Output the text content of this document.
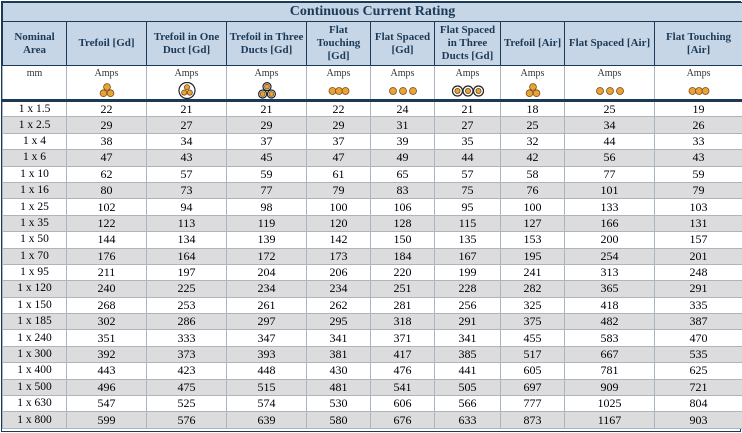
Continuous Current Rating									
Nominal Area	Trefoil [Gd]	Trefoil in One Duct [Gd]	Trefoil in Three Ducts [Gd]	Flat Touching [Gd]	Flat Spaced [Gd]	Flat Spaced in Three Ducts [Gd]	Trefoil [Air]	Flat Spaced [Air]	Flat Touching [Air]
mm	Amps	Amps	Amps	Amps	Amps	Amps	Amps	Amps	Amps

1 x 1.5	22	21	21	22	24	21	18	25	19
1 x 2.5	29	27	29	29	31	27	25	34	26
1 x 4	38	34	37	37	39	35	32	44	33
1 x 6	47	43	45	47	49	44	42	56	43
1 x 10	62	57	59	61	65	57	58	77	59
1 x 16	80	73	77	79	83	75	76	101	79
1 x 25	102	94	98	100	106	95	100	133	103
1 x 35	122	113	119	120	128	115	127	166	131
1 x 50	144	134	139	142	150	135	153	200	157
1 x 70	176	164	172	173	184	167	195	254	201
1 x 95	211	197	204	206	220	199	241	313	248
1 x 120	240	225	234	234	251	228	282	365	291
1 x 150	268	253	261	262	281	256	325	418	335
1 x 185	302	286	297	295	318	291	375	482	387
1 x 240	351	333	347	341	371	341	455	583	470
1 x 300	392	373	393	381	417	385	517	667	535
1 x 400	443	423	448	430	476	441	605	781	625
1 x 500	496	475	515	481	541	505	697	909	721
1 x 630	547	525	574	530	606	566	777	1025	804
1 x 800	599	576	639	580	676	633	873	1167	903
